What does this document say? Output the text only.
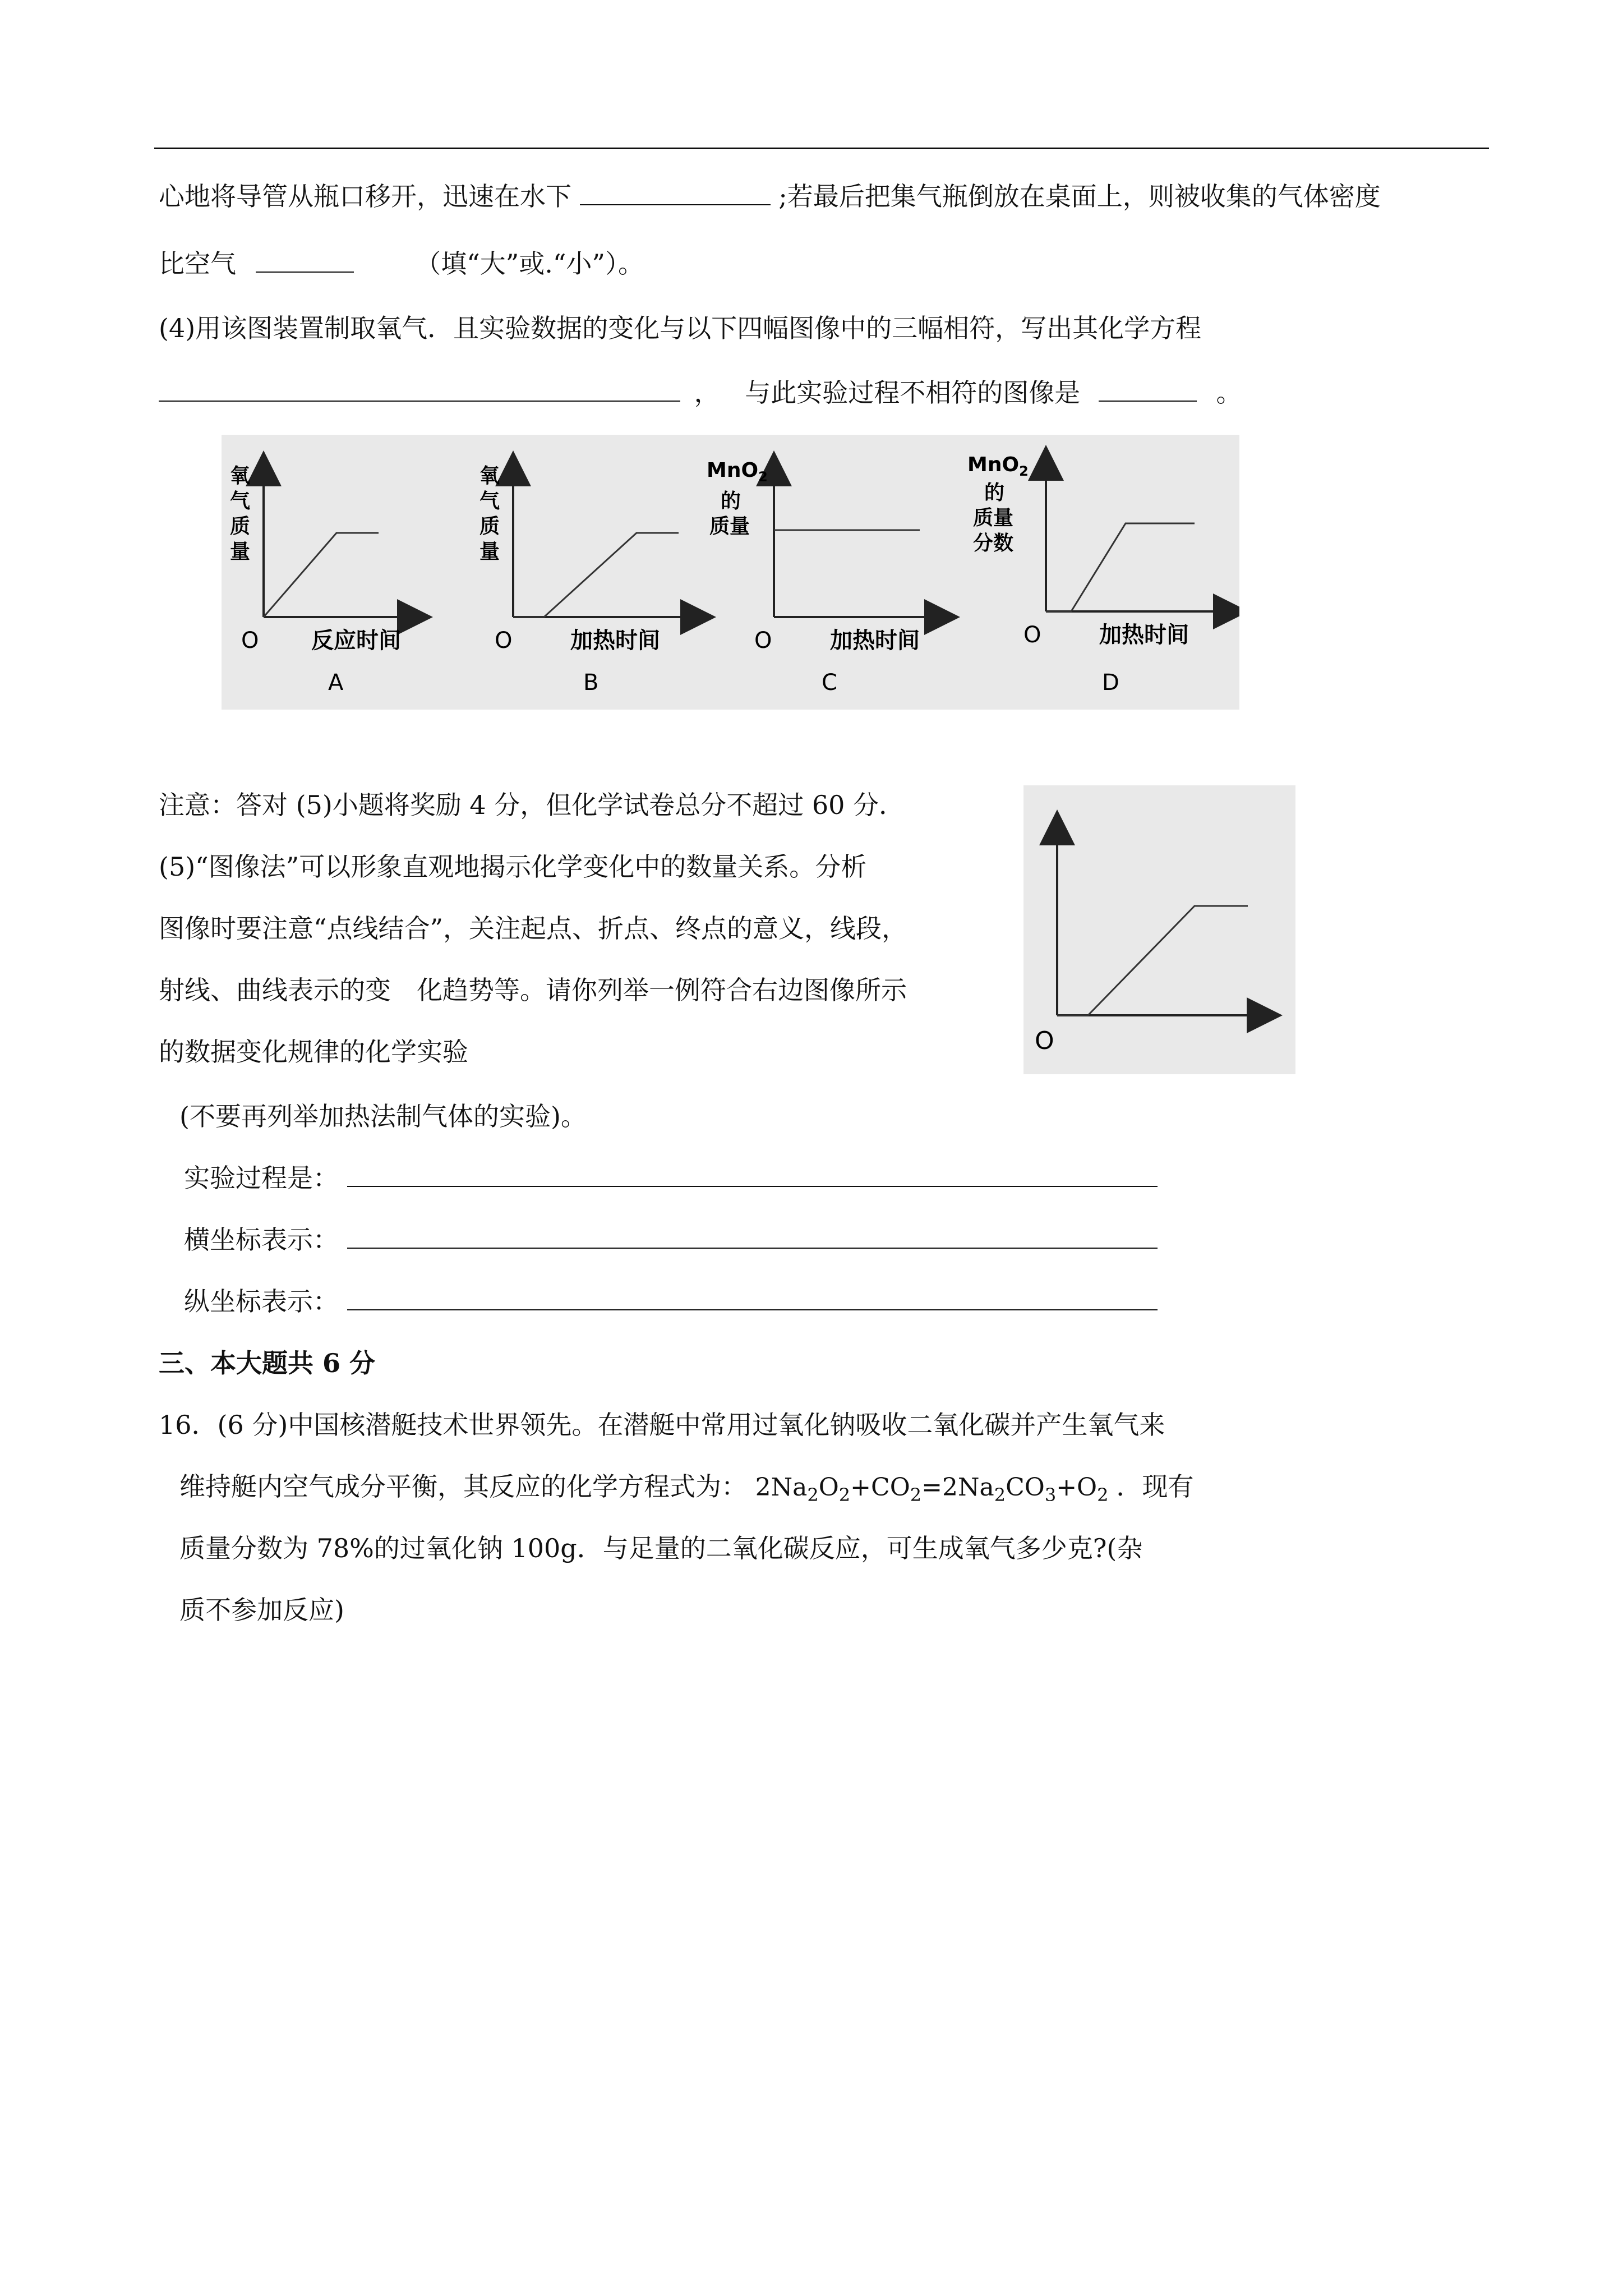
心地将导管从瓶口移开，迅速在水下	;若最后把集气瓶倒放在桌面上，则被收集的气体密度
比空气	（填“大”或.“小”）。
(4)用该图装置制取氧气．且实验数据的变化与以下四幅图像中的三幅相符，写出其化学方程
， 与此实验过程不相符的图像是	。
氧
气
质
量
O 反应时间
A
氧
气
质
量
O	加热时间
B
MnO$_2$
的
质量
O	加热时间
C
MnO$_2$
的
质量
分数
O	加热时间
D
注意：答对 (5)小题将奖励 4 分，但化学试卷总分不超过 60 分．
(5)“图像法”可以形象直观地揭示化学变化中的数量关系。分析
图像时要注意“点线结合”，关注起点、折点、终点的意义，线段，
射线、曲线表示的变　化趋势等。请你列举一例符合右边图像所示
的数据变化规律的化学实验	O
(不要再列举加热法制气体的实验)。
实验过程是：
横坐标表示：
纵坐标表示：
三、本大题共 6 分
16．(6 分)中国核潜艇技术世界领先。在潜艇中常用过氧化钠吸收二氧化碳并产生氧气来
维持艇内空气成分平衡，其反应的化学方程式为： $2Na_2O_2+CO_2=2Na_2CO_3+O_2$ ．现有
质量分数为 78%的过氧化钠 100g．与足量的二氧化碳反应，可生成氧气多少克?(杂
质不参加反应)
